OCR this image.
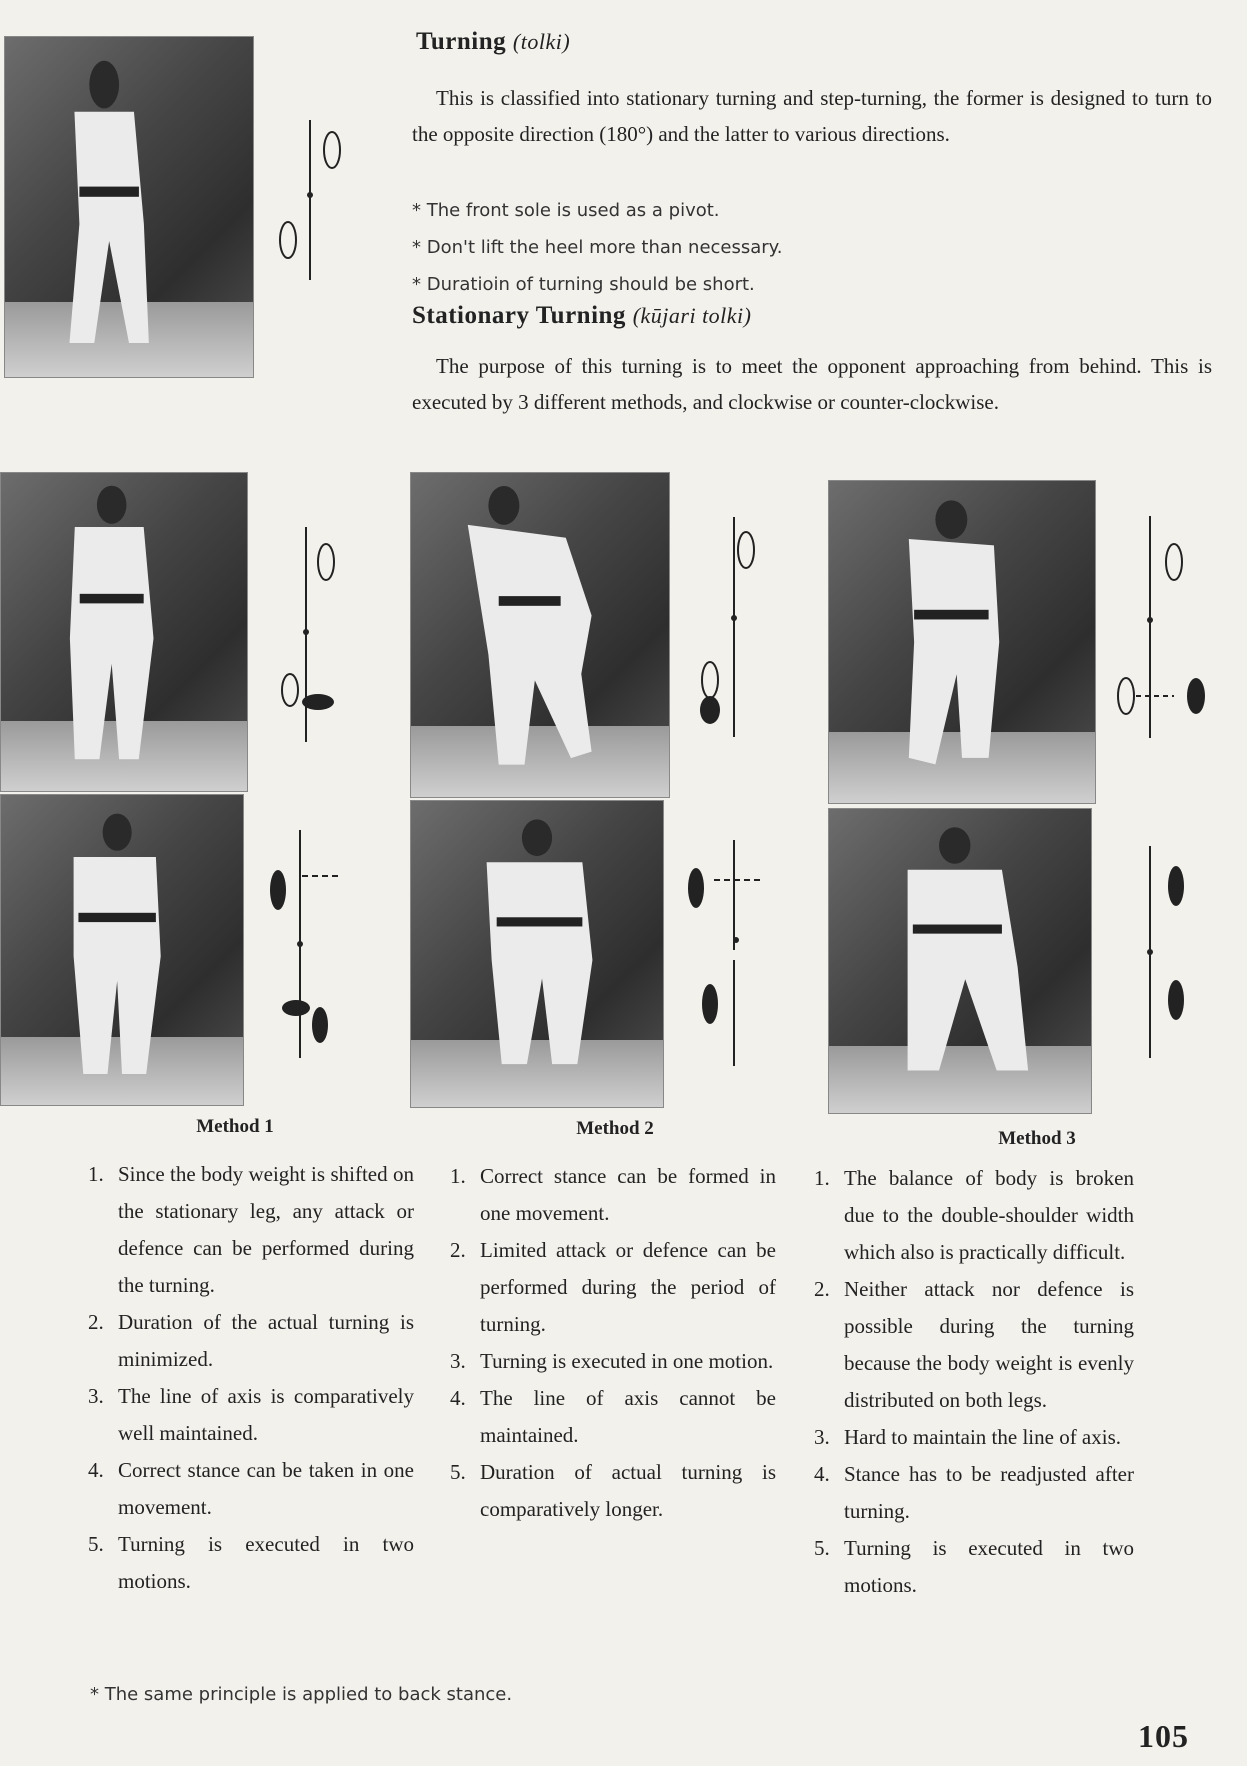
Turning (tolki)

This is classified into stationary turning and step-turning, the former is designed to turn to the opposite direction (180°) and the latter to various directions.

* The front sole is used as a pivot.

* Don't lift the heel more than necessary.

* Duratioin of turning should be short.

Stationary Turning (kūjari tolki)

The purpose of this turning is to meet the opponent approaching from behind. This is executed by 3 different methods, and clockwise or counter-clockwise.

Method 1	Method 2	Method 3
1. Since the body weight is shifted on the stationary leg, any attack or defence can be performed during the turning.
2. Duration of the actual turning is minimized.
3. The line of axis is comparatively well maintained.
4. Correct stance can be taken in one movement.
5. Turning is executed in two motions.
1. Correct stance can be formed in one movement.
2. Limited attack or defence can be performed during the period of turning.
3. Turning is executed in one motion.
4. The line of axis cannot be maintained.
5. Duration of actual turning is comparatively longer.
1. The balance of body is broken due to the double-shoulder width which also is practically difficult.
2. Neither attack nor defence is possible during the turning because the body weight is evenly distributed on both legs.
3. Hard to maintain the line of axis.
4. Stance has to be readjusted after turning.
5. Turning is executed in two motions.

* The same principle is applied to back stance.

105
